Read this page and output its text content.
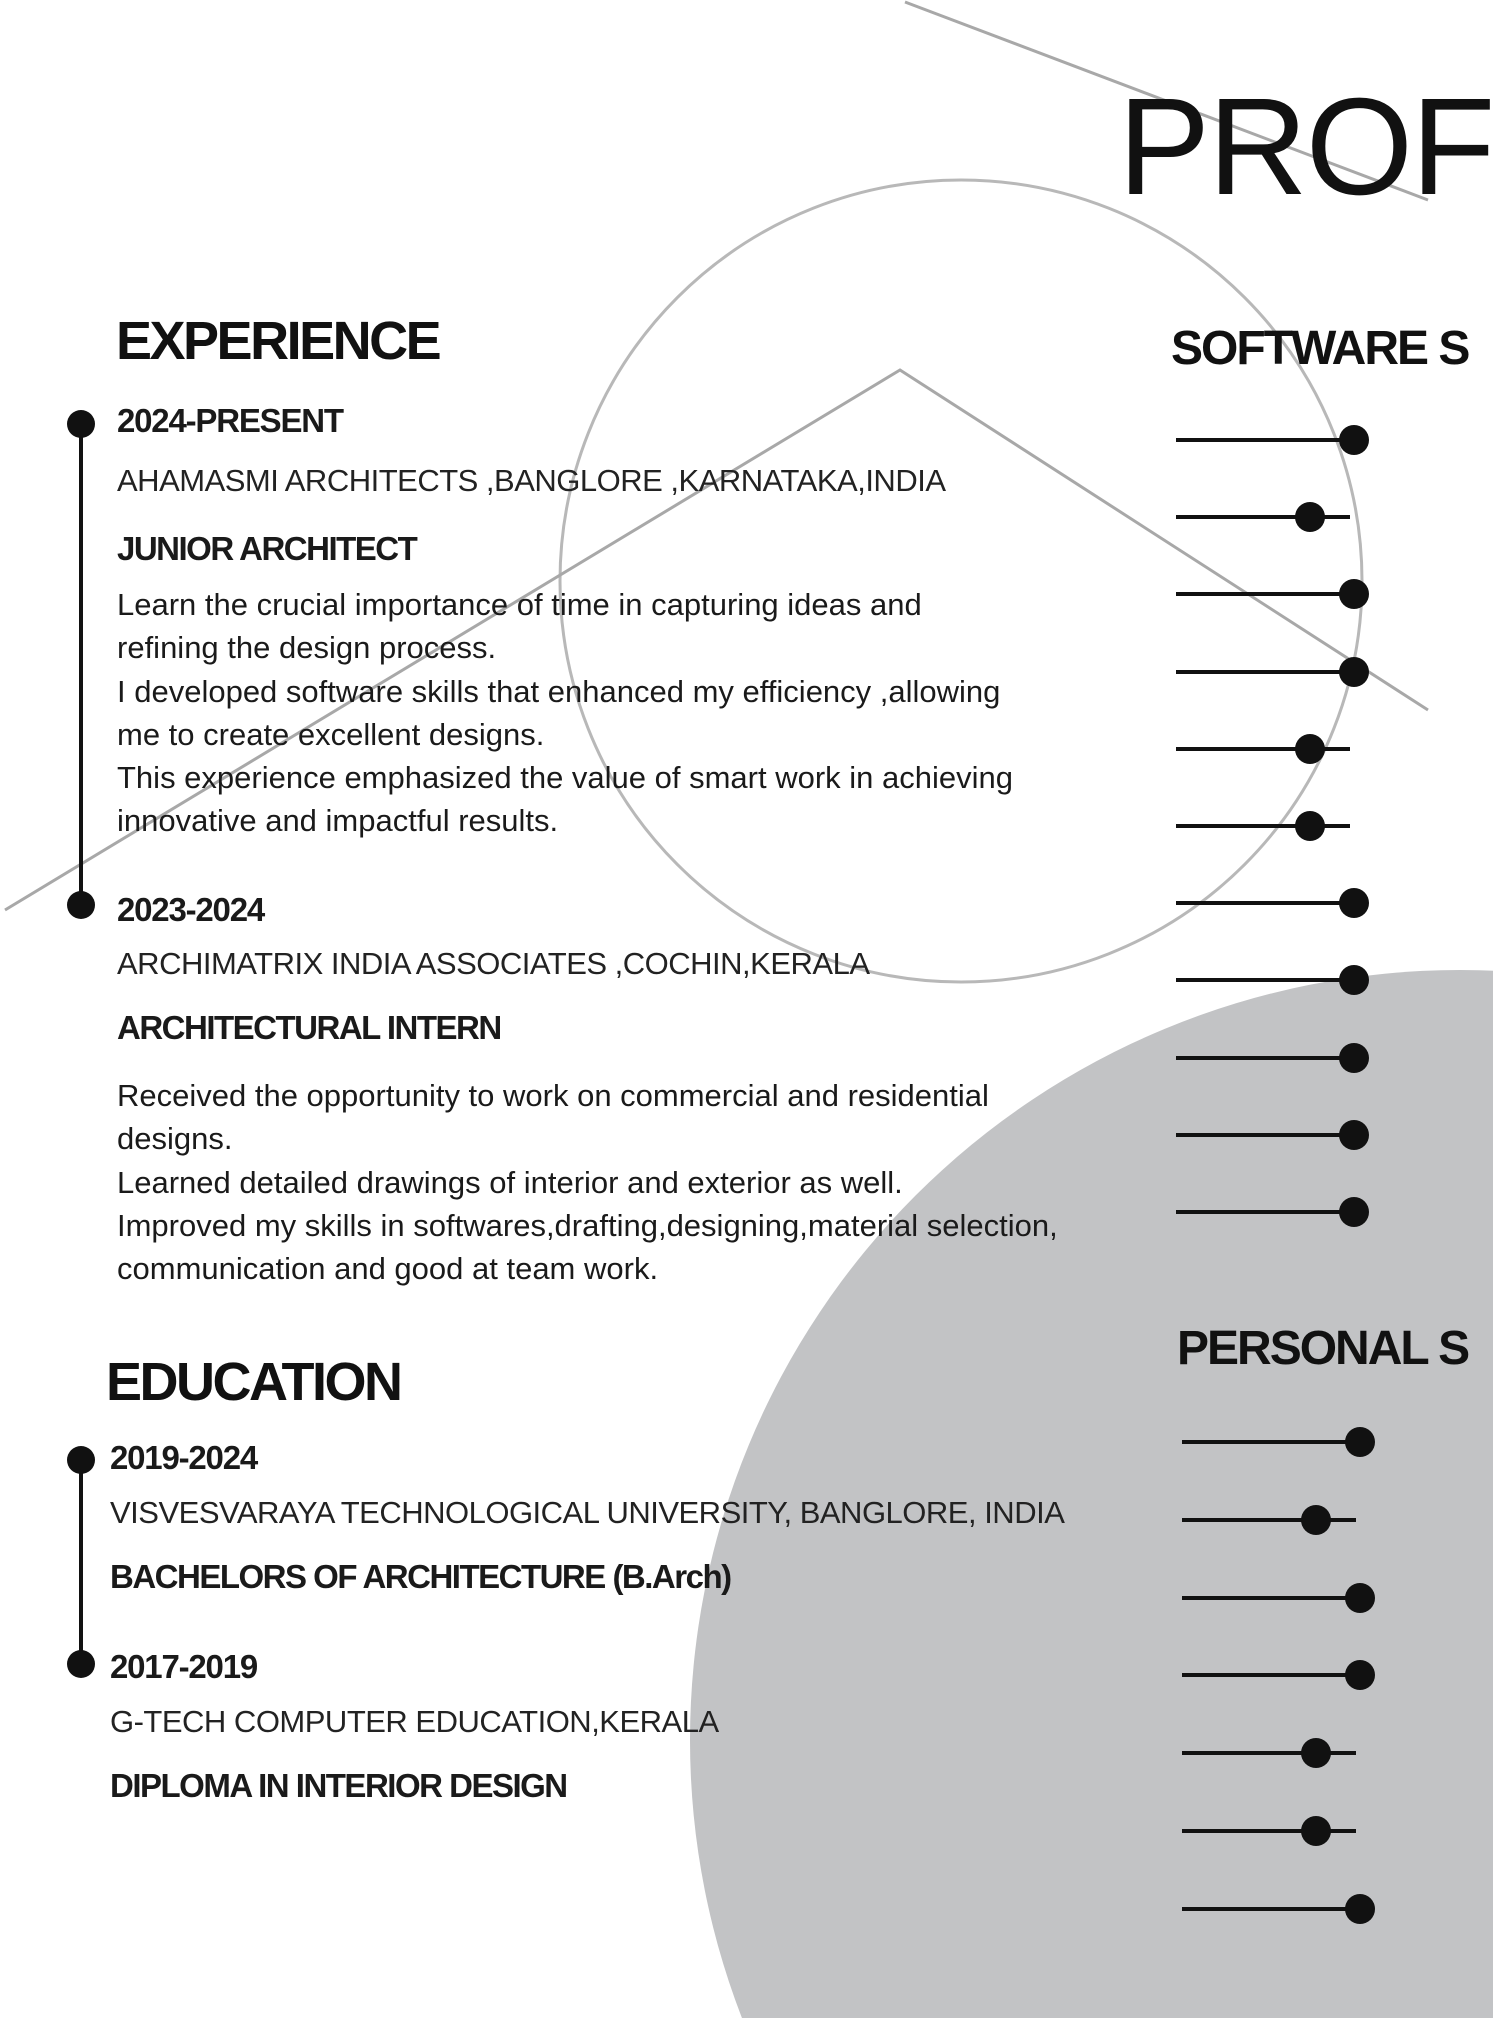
PROF
EXPERIENCE
2024-PRESENT
AHAMASMI ARCHITECTS ,BANGLORE ,KARNATAKA,INDIA
JUNIOR ARCHITECT
Learn the crucial importance of time in capturing ideas and
refining the design process.
I developed software skills that enhanced my efficiency ,allowing
me to create excellent designs.
This experience emphasized the value of smart work in achieving
innovative and impactful results.
2023-2024
ARCHIMATRIX INDIA ASSOCIATES ,COCHIN,KERALA
ARCHITECTURAL INTERN
Received the opportunity to work on commercial and residential
designs.
Learned detailed drawings of interior and exterior as well.
Improved my skills in softwares,drafting,designing,material selection,
communication and good at team work.
EDUCATION
2019-2024
VISVESVARAYA TECHNOLOGICAL UNIVERSITY, BANGLORE, INDIA
BACHELORS OF ARCHITECTURE (B.Arch)
2017-2019
G-TECH COMPUTER EDUCATION,KERALA
DIPLOMA IN INTERIOR DESIGN
SOFTWARE S
PERSONAL S
